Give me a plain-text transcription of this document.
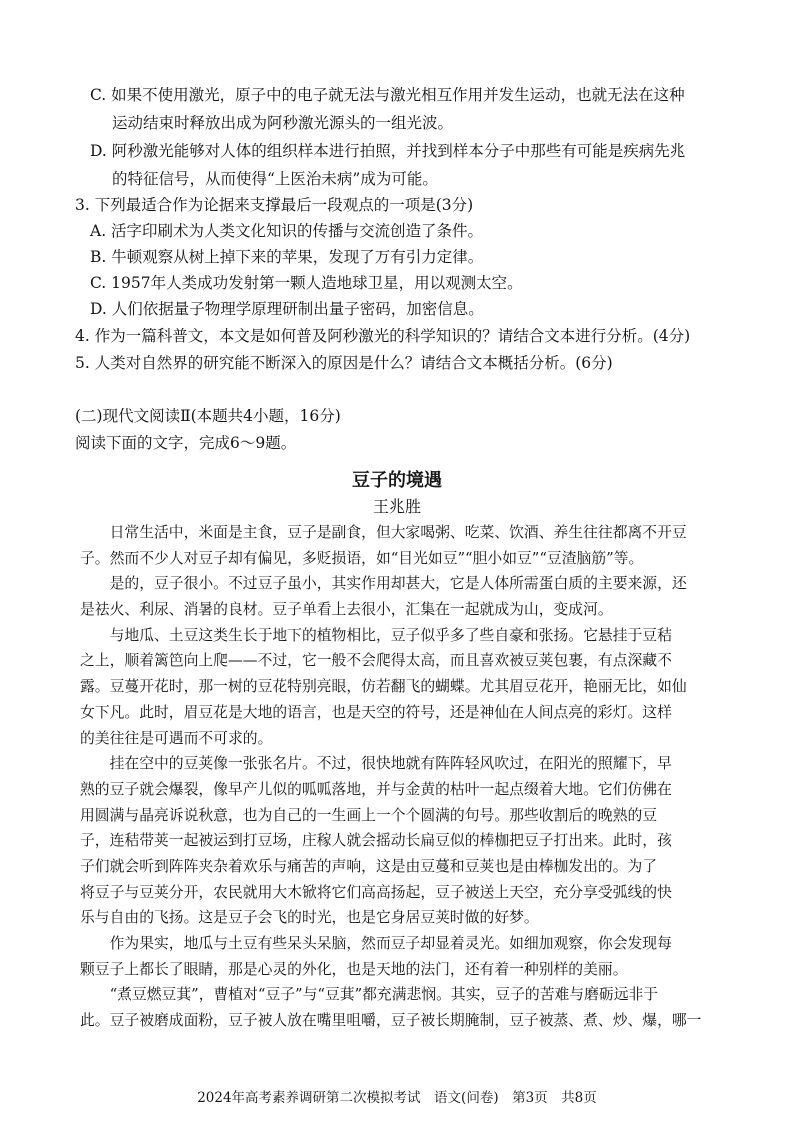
C. 如果不使用激光，原子中的电子就无法与激光相互作用并发生运动，也就无法在这种
运动结束时释放出成为阿秒激光源头的一组光波。
D. 阿秒激光能够对人体的组织样本进行拍照，并找到样本分子中那些有可能是疾病先兆
的特征信号，从而使得“上医治未病”成为可能。
3. 下列最适合作为论据来支撑最后一段观点的一项是(3分)
A. 活字印刷术为人类文化知识的传播与交流创造了条件。
B. 牛顿观察从树上掉下来的苹果，发现了万有引力定律。
C. 1957年人类成功发射第一颗人造地球卫星，用以观测太空。
D. 人们依据量子物理学原理研制出量子密码，加密信息。
4. 作为一篇科普文，本文是如何普及阿秒激光的科学知识的？请结合文本进行分析。(4分)
5. 人类对自然界的研究能不断深入的原因是什么？请结合文本概括分析。(6分)
(二)现代文阅读Ⅱ(本题共4小题，16分)
阅读下面的文字，完成6～9题。
豆子的境遇
王兆胜
　　日常生活中，米面是主食，豆子是副食，但大家喝粥、吃菜、饮酒、养生往往都离不开豆
子。然而不少人对豆子却有偏见，多贬损语，如“目光如豆”“胆小如豆”“豆渣脑筋”等。
　　是的，豆子很小。不过豆子虽小，其实作用却甚大，它是人体所需蛋白质的主要来源，还
是祛火、利尿、消暑的良材。豆子单看上去很小，汇集在一起就成为山，变成河。
　　与地瓜、土豆这类生长于地下的植物相比，豆子似乎多了些自豪和张扬。它悬挂于豆秸
之上，顺着篱笆向上爬——不过，它一般不会爬得太高，而且喜欢被豆荚包裹，有点深藏不
露。豆蔓开花时，那一树的豆花特别亮眼，仿若翻飞的蝴蝶。尤其眉豆花开，艳丽无比，如仙
女下凡。此时，眉豆花是大地的语言，也是天空的符号，还是神仙在人间点亮的彩灯。这样
的美往往是可遇而不可求的。
　　挂在空中的豆荚像一张张名片。不过，很快地就有阵阵轻风吹过，在阳光的照耀下，早
熟的豆子就会爆裂，像早产儿似的呱呱落地，并与金黄的枯叶一起点缀着大地。它们仿佛在
用圆满与晶亮诉说秋意，也为自己的一生画上一个个圆满的句号。那些收割后的晚熟的豆
子，连秸带荚一起被运到打豆场，庄稼人就会摇动长扁豆似的棒枷把豆子打出来。此时，孩
子们就会听到阵阵夹杂着欢乐与痛苦的声响，这是由豆蔓和豆荚也是由棒枷发出的。为了
将豆子与豆荚分开，农民就用大木锨将它们高高扬起，豆子被送上天空，充分享受弧线的快
乐与自由的飞扬。这是豆子会飞的时光，也是它身居豆荚时做的好梦。
　　作为果实，地瓜与土豆有些呆头呆脑，然而豆子却显着灵光。如细加观察，你会发现每
颗豆子上都长了眼睛，那是心灵的外化，也是天地的法门，还有着一种别样的美丽。
　　“煮豆燃豆萁”，曹植对“豆子”与“豆萁”都充满悲悯。其实，豆子的苦难与磨砺远非于
此。豆子被磨成面粉，豆子被人放在嘴里咀嚼，豆子被长期腌制，豆子被蒸、煮、炒、爆，哪一
2024年高考素养调研第二次模拟考试　语文(问卷)　第3页　共8页
